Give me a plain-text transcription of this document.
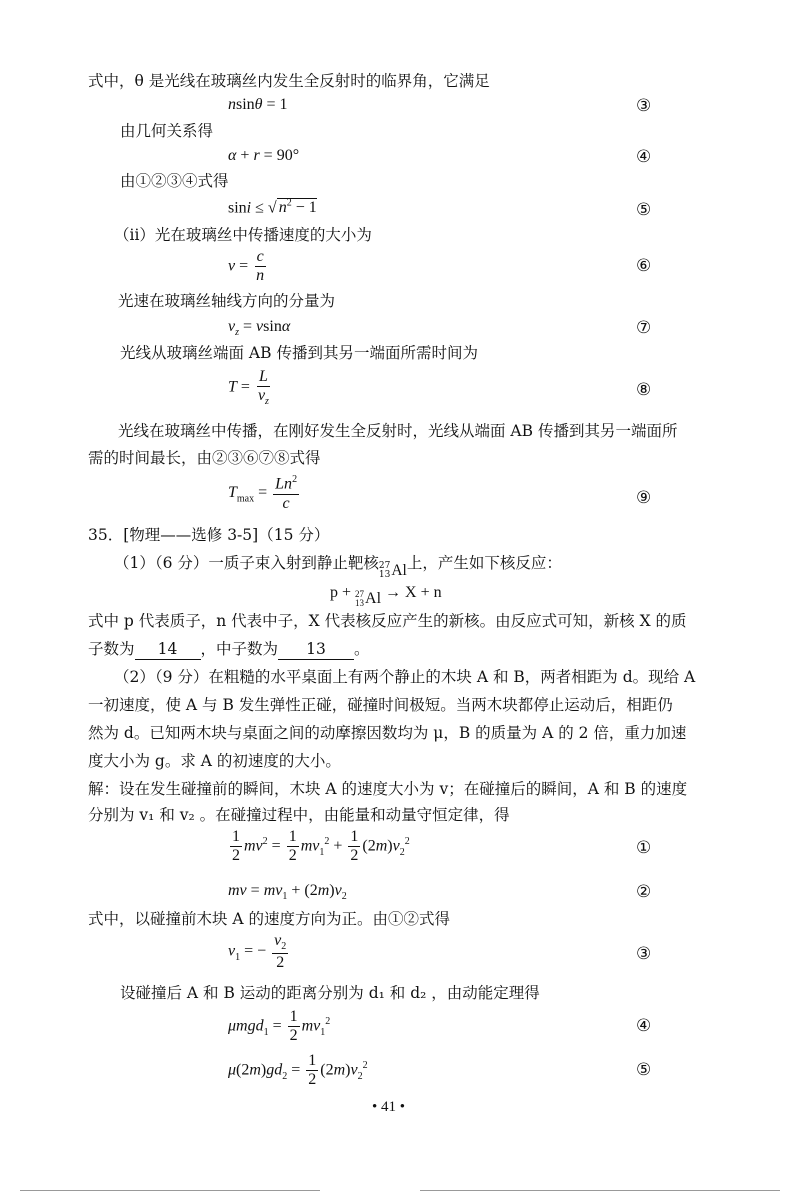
式中，θ 是光线在玻璃丝内发生全反射时的临界角，它满足
nsinθ = 1	③
由几何关系得
α + r = 90°	④
由①②③④式得
sini ≤ √ $n^2 - 1$	⑤
（ii）光在玻璃丝中传播速度的大小为
$v = \frac{c}{n}$	⑥
光速在玻璃丝轴线方向的分量为
$v_z = vsin\alpha$	⑦
光线从玻璃丝端面 AB 传播到其另一端面所需时间为
$T = \frac{L}{v_z}$	⑧
光线在玻璃丝中传播，在刚好发生全反射时，光线从端面 AB 传播到其另一端面所
需的时间最长，由②③⑥⑦⑧式得
$T_{max} = \frac{Ln^2}{c}$	⑨
35．[物理——选修 3-5]（15 分）
（1）（6 分）一质子束入射到静止靶核 27
13 Al 上，产生如下核反应：
p + 27
13 Al → X + n
式中 p 代表质子，n 代表中子，X 代表核反应产生的新核。由反应式可知，新核 X 的质
子数为 14 ，中子数为 13 。
（2）（9 分）在粗糙的水平桌面上有两个静止的木块 A 和 B，两者相距为 d。现给 A
一初速度，使 A 与 B 发生弹性正碰，碰撞时间极短。当两木块都停止运动后，相距仍
然为 d。已知两木块与桌面之间的动摩擦因数均为 μ，B 的质量为 A 的 2 倍，重力加速
度大小为 g。求 A 的初速度的大小。
解：设在发生碰撞前的瞬间，木块 A 的速度大小为 v；在碰撞后的瞬间，A 和 B 的速度
分别为 v₁ 和 v₂ 。在碰撞过程中，由能量和动量守恒定律，得
$\frac{1}{2} mv^2 = \frac{1}{2} mv_1^2 + \frac{1}{2} (2m)v_2^2$	①
mv = $mv_1 + (2m)v_2$	②
式中，以碰撞前木块 A 的速度方向为正。由①②式得
$v_1$ = − $\frac{v_2}{2}$	③
设碰撞后 A 和 B 运动的距离分别为 d₁ 和 d₂ ，由动能定理得
$\mu mgd_1 = \frac{1}{2} mv_1^2$	④
$\mu(2m)gd_2 = \frac{1}{2} (2m)v_2^2$	⑤
• 41 •
